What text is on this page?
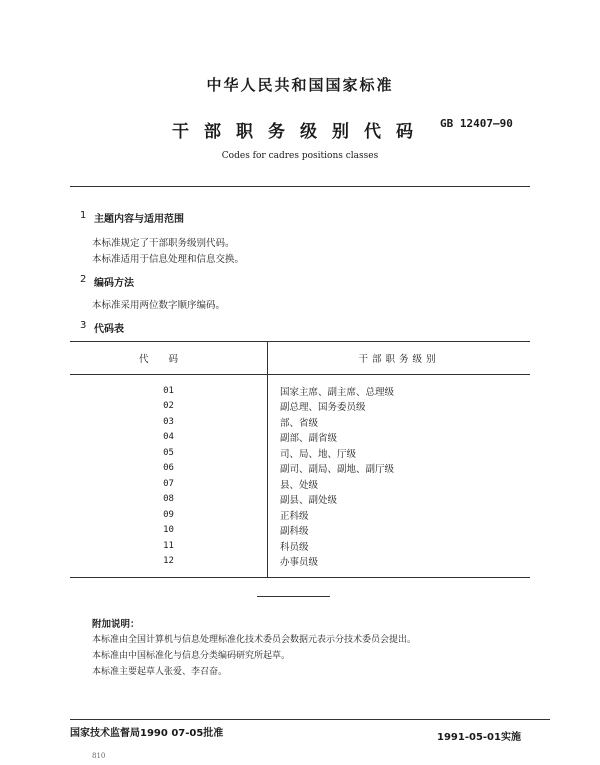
中华人民共和国国家标准
干部职务级别代码	GB 12407—90
Codes for cadres positions classes
1 主题内容与适用范围
本标准规定了干部职务级别代码。
本标准适用于信息处理和信息交换。
2 编码方法
本标准采用两位数字顺序编码。
3 代码表
代码	干部职务级别

01	国家主席、副主席、总理级
02	副总理、国务委员级
03	部、省级
04	副部、副省级
05	司、局、地、厅级
06	副司、副局、副地、副厅级
07	县、处级
08	副县、副处级
09	正科级
10	副科级
11	科员级
12	办事员级

附加说明：
本标准由全国计算机与信息处理标准化技术委员会数据元表示分技术委员会提出。
本标准由中国标准化与信息分类编码研究所起草。
本标准主要起草人张爱、李召奋。
国家技术监督局1990 07-05批准	1991-05-01实施
810
